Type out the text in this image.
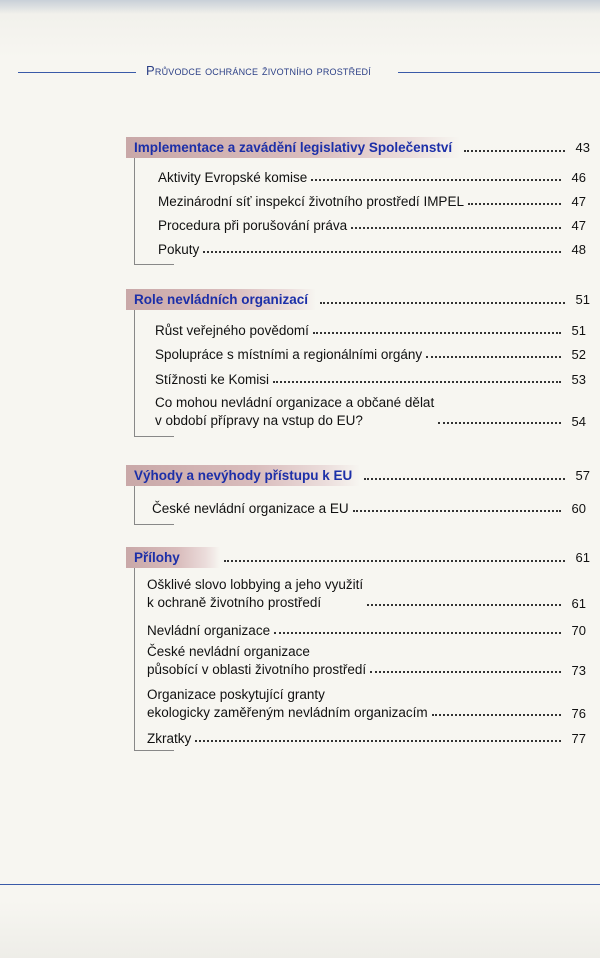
Průvodce ochránce životního prostředí
Implementace a zavádění legislativy Společenství	43
Aktivity Evropské komise	46
Mezinárodní síť inspekcí životního prostředí IMPEL	47
Procedura při porušování práva	47
Pokuty	48
Role nevládních organizací	51
Růst veřejného povědomí	51
Spolupráce s místními a regionálními orgány	52
Stížnosti ke Komisi	53
Co mohou nevládní organizace a občané dělat
v období přípravy na vstup do EU?	54
Výhody a nevýhody přístupu k EU	57
České nevládní organizace a EU	60
Přílohy	61
Ošklivé slovo lobbying a jeho využití
k ochraně životního prostředí	61
Nevládní organizace	70
České nevládní organizace
působící v oblasti životního prostředí	73
Organizace poskytující granty
ekologicky zaměřeným nevládním organizacím	76
Zkratky	77
